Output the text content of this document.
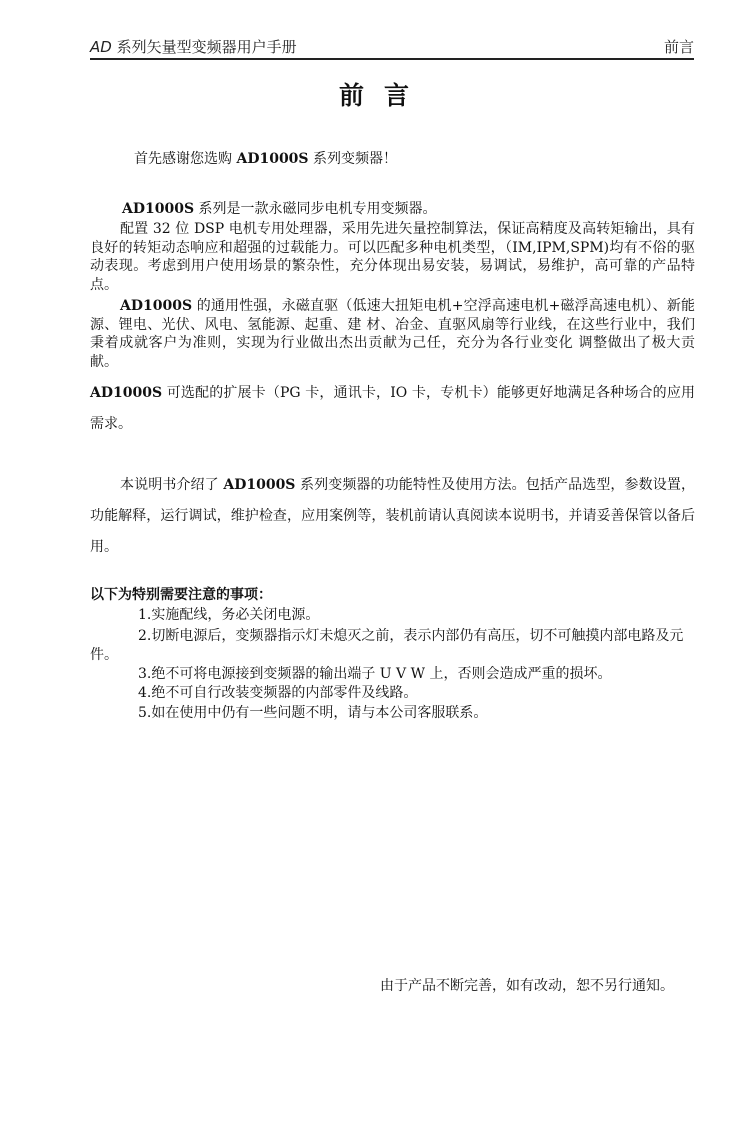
AD 系列矢量型变频器用户手册	前言
前言
首先感谢您选购 AD1000S 系列变频器！
AD1000S 系列是一款永磁同步电机专用变频器。
配置 32 位 DSP 电机专用处理器，采用先进矢量控制算法，保证高精度及高转矩输出，具有良好的转矩动态响应和超强的过载能力。可以匹配多种电机类型，（IM,IPM,SPM)均有不俗的驱动表现。考虑到用户使用场景的繁杂性，充分体现出易安装，易调试，易维护，高可靠的产品特点。
AD1000S 的通用性强，永磁直驱（低速大扭矩电机+空浮高速电机+磁浮高速电机）、新能源、锂电、光伏、风电、氢能源、起重、建 材、冶金、直驱风扇等行业线，在这些行业中，我们秉着成就客户为准则，实现为行业做出杰出贡献为己任，充分为各行业变化 调整做出了极大贡献。
AD1000S 可选配的扩展卡（PG 卡，通讯卡，IO 卡，专机卡）能够更好地满足各种场合的应用需求。
本说明书介绍了 AD1000S 系列变频器的功能特性及使用方法。包括产品选型，参数设置，功能解释，运行调试，维护检查，应用案例等，装机前请认真阅读本说明书，并请妥善保管以备后用。
以下为特别需要注意的事项：
1.实施配线，务必关闭电源。
2.切断电源后，变频器指示灯未熄灭之前，表示内部仍有高压，切不可触摸内部电路及元件。
3.绝不可将电源接到变频器的输出端子 U V W 上，否则会造成严重的损坏。
4.绝不可自行改装变频器的内部零件及线路。
5.如在使用中仍有一些问题不明，请与本公司客服联系。
由于产品不断完善，如有改动，恕不另行通知。
